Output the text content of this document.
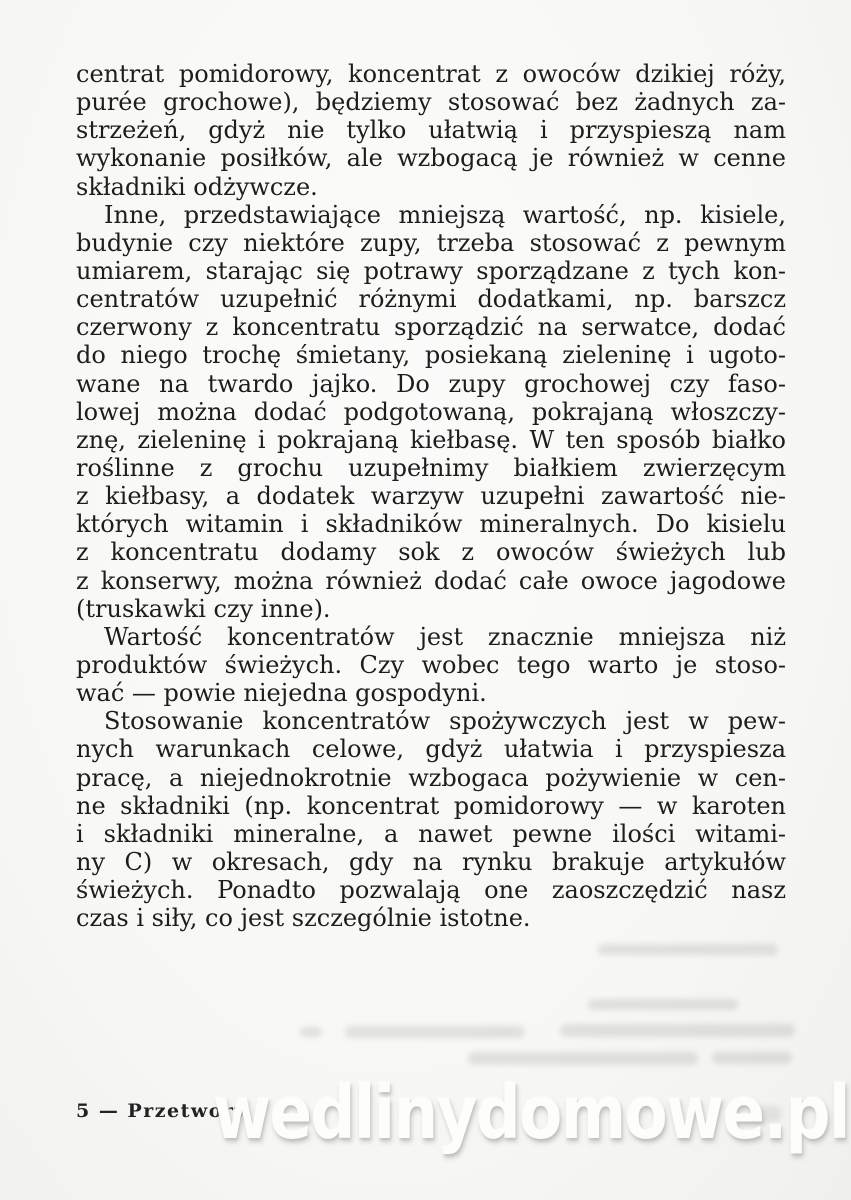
centrat pomidorowy, koncentrat z owoców dzikiej róży,
purée grochowe), będziemy stosować bez żadnych za-
strzeżeń, gdyż nie tylko ułatwią i przyspieszą nam
wykonanie posiłków, ale wzbogacą je również w cenne
składniki odżywcze.
Inne, przedstawiające mniejszą wartość, np. kisiele,
budynie czy niektóre zupy, trzeba stosować z pewnym
umiarem, starając się potrawy sporządzane z tych kon-
centratów uzupełnić różnymi dodatkami, np. barszcz
czerwony z koncentratu sporządzić na serwatce, dodać
do niego trochę śmietany, posiekaną zieleninę i ugoto-
wane na twardo jajko. Do zupy grochowej czy faso-
lowej można dodać podgotowaną, pokrajaną włoszczy-
znę, zieleninę i pokrajaną kiełbasę. W ten sposób białko
roślinne z grochu uzupełnimy białkiem zwierzęcym
z kiełbasy, a dodatek warzyw uzupełni zawartość nie-
których witamin i składników mineralnych. Do kisielu
z koncentratu dodamy sok z owoców świeżych lub
z konserwy, można również dodać całe owoce jagodowe
(truskawki czy inne).
Wartość koncentratów jest znacznie mniejsza niż
produktów świeżych. Czy wobec tego warto je stoso-
wać — powie niejedna gospodyni.
Stosowanie koncentratów spożywczych jest w pew-
nych warunkach celowe, gdyż ułatwia i przyspiesza
pracę, a niejednokrotnie wzbogaca pożywienie w cen-
ne składniki (np. koncentrat pomidorowy — w karoten
i składniki mineralne, a nawet pewne ilości witami-
ny C) w okresach, gdy na rynku brakuje artykułów
świeżych. Ponadto pozwalają one zaoszczędzić nasz
czas i siły, co jest szczególnie istotne.
5 — Przetwory
wedlinydomowe.pl
